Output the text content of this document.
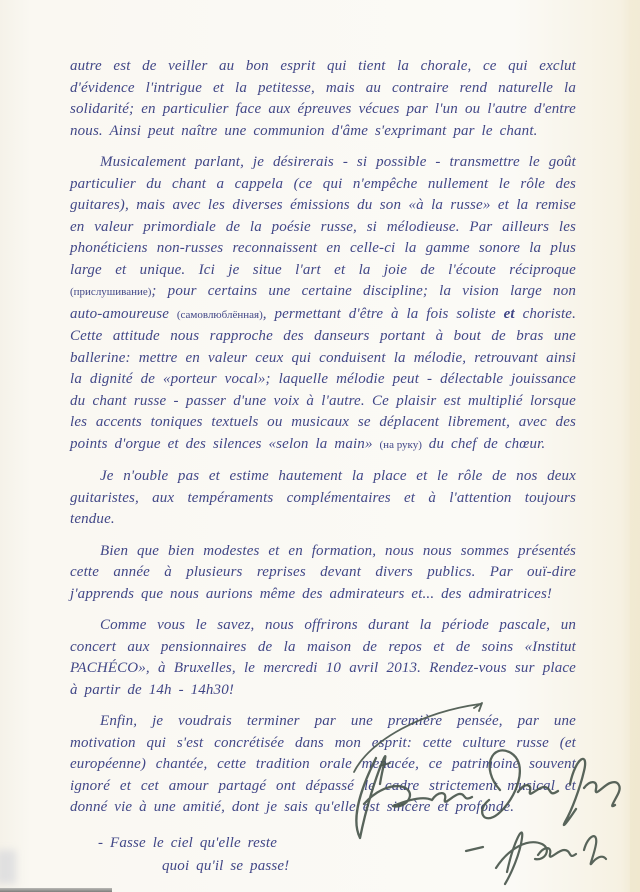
autre est de veiller au bon esprit qui tient la chorale, ce qui exclut d'évidence l'intrigue et la petitesse, mais au contraire rend naturelle la solidarité; en particulier face aux épreuves vécues par l'un ou l'autre d'entre nous. Ainsi peut naître une communion d'âme s'exprimant par le chant.

Musicalement parlant, je désirerais - si possible - transmettre le goût particulier du chant a cappela (ce qui n'empêche nullement le rôle des guitares), mais avec les diverses émissions du son «à la russe» et la remise en valeur primordiale de la poésie russe, si mélodieuse. Par ailleurs les phonéticiens non-russes reconnaissent en celle-ci la gamme sonore la plus large et unique. Ici je situe l'art et la joie de l'écoute réciproque (прислушивание); pour certains une certaine discipline; la vision large non auto-amoureuse (самовлюблённая), permettant d'être à la fois soliste et choriste. Cette attitude nous rapproche des danseurs portant à bout de bras une ballerine: mettre en valeur ceux qui conduisent la mélodie, retrouvant ainsi la dignité de «porteur vocal»; laquelle mélodie peut - délectable jouissance du chant russe - passer d'une voix à l'autre. Ce plaisir est multiplié lorsque les accents toniques textuels ou musicaux se déplacent librement, avec des points d'orgue et des silences «selon la main» (на руку) du chef de chœur.

Je n'ouble pas et estime hautement la place et le rôle de nos deux guitaristes, aux tempéraments complémentaires et à l'attention toujours tendue.

Bien que bien modestes et en formation, nous nous sommes présentés cette année à plusieurs reprises devant divers publics. Par ouï-dire j'apprends que nous aurions même des admirateurs et... des admiratrices!

Comme vous le savez, nous offrirons durant la période pascale, un concert aux pensionnaires de la maison de repos et de soins «Institut PACHÉCO», à Bruxelles, le mercredi 10 avril 2013. Rendez-vous sur place à partir de 14h - 14h30!

Enfin, je voudrais terminer par une première pensée, par une motivation qui s'est concrétisée dans mon esprit: cette culture russe (et européenne) chantée, cette tradition orale menacée, ce patrimoine souvent ignoré et cet amour partagé ont dépassé le cadre strictement musical et donné vie à une amitié, dont je sais qu'elle est sincère et profonde.

- Fasse le ciel qu'elle reste
quoi qu'il se passe!
